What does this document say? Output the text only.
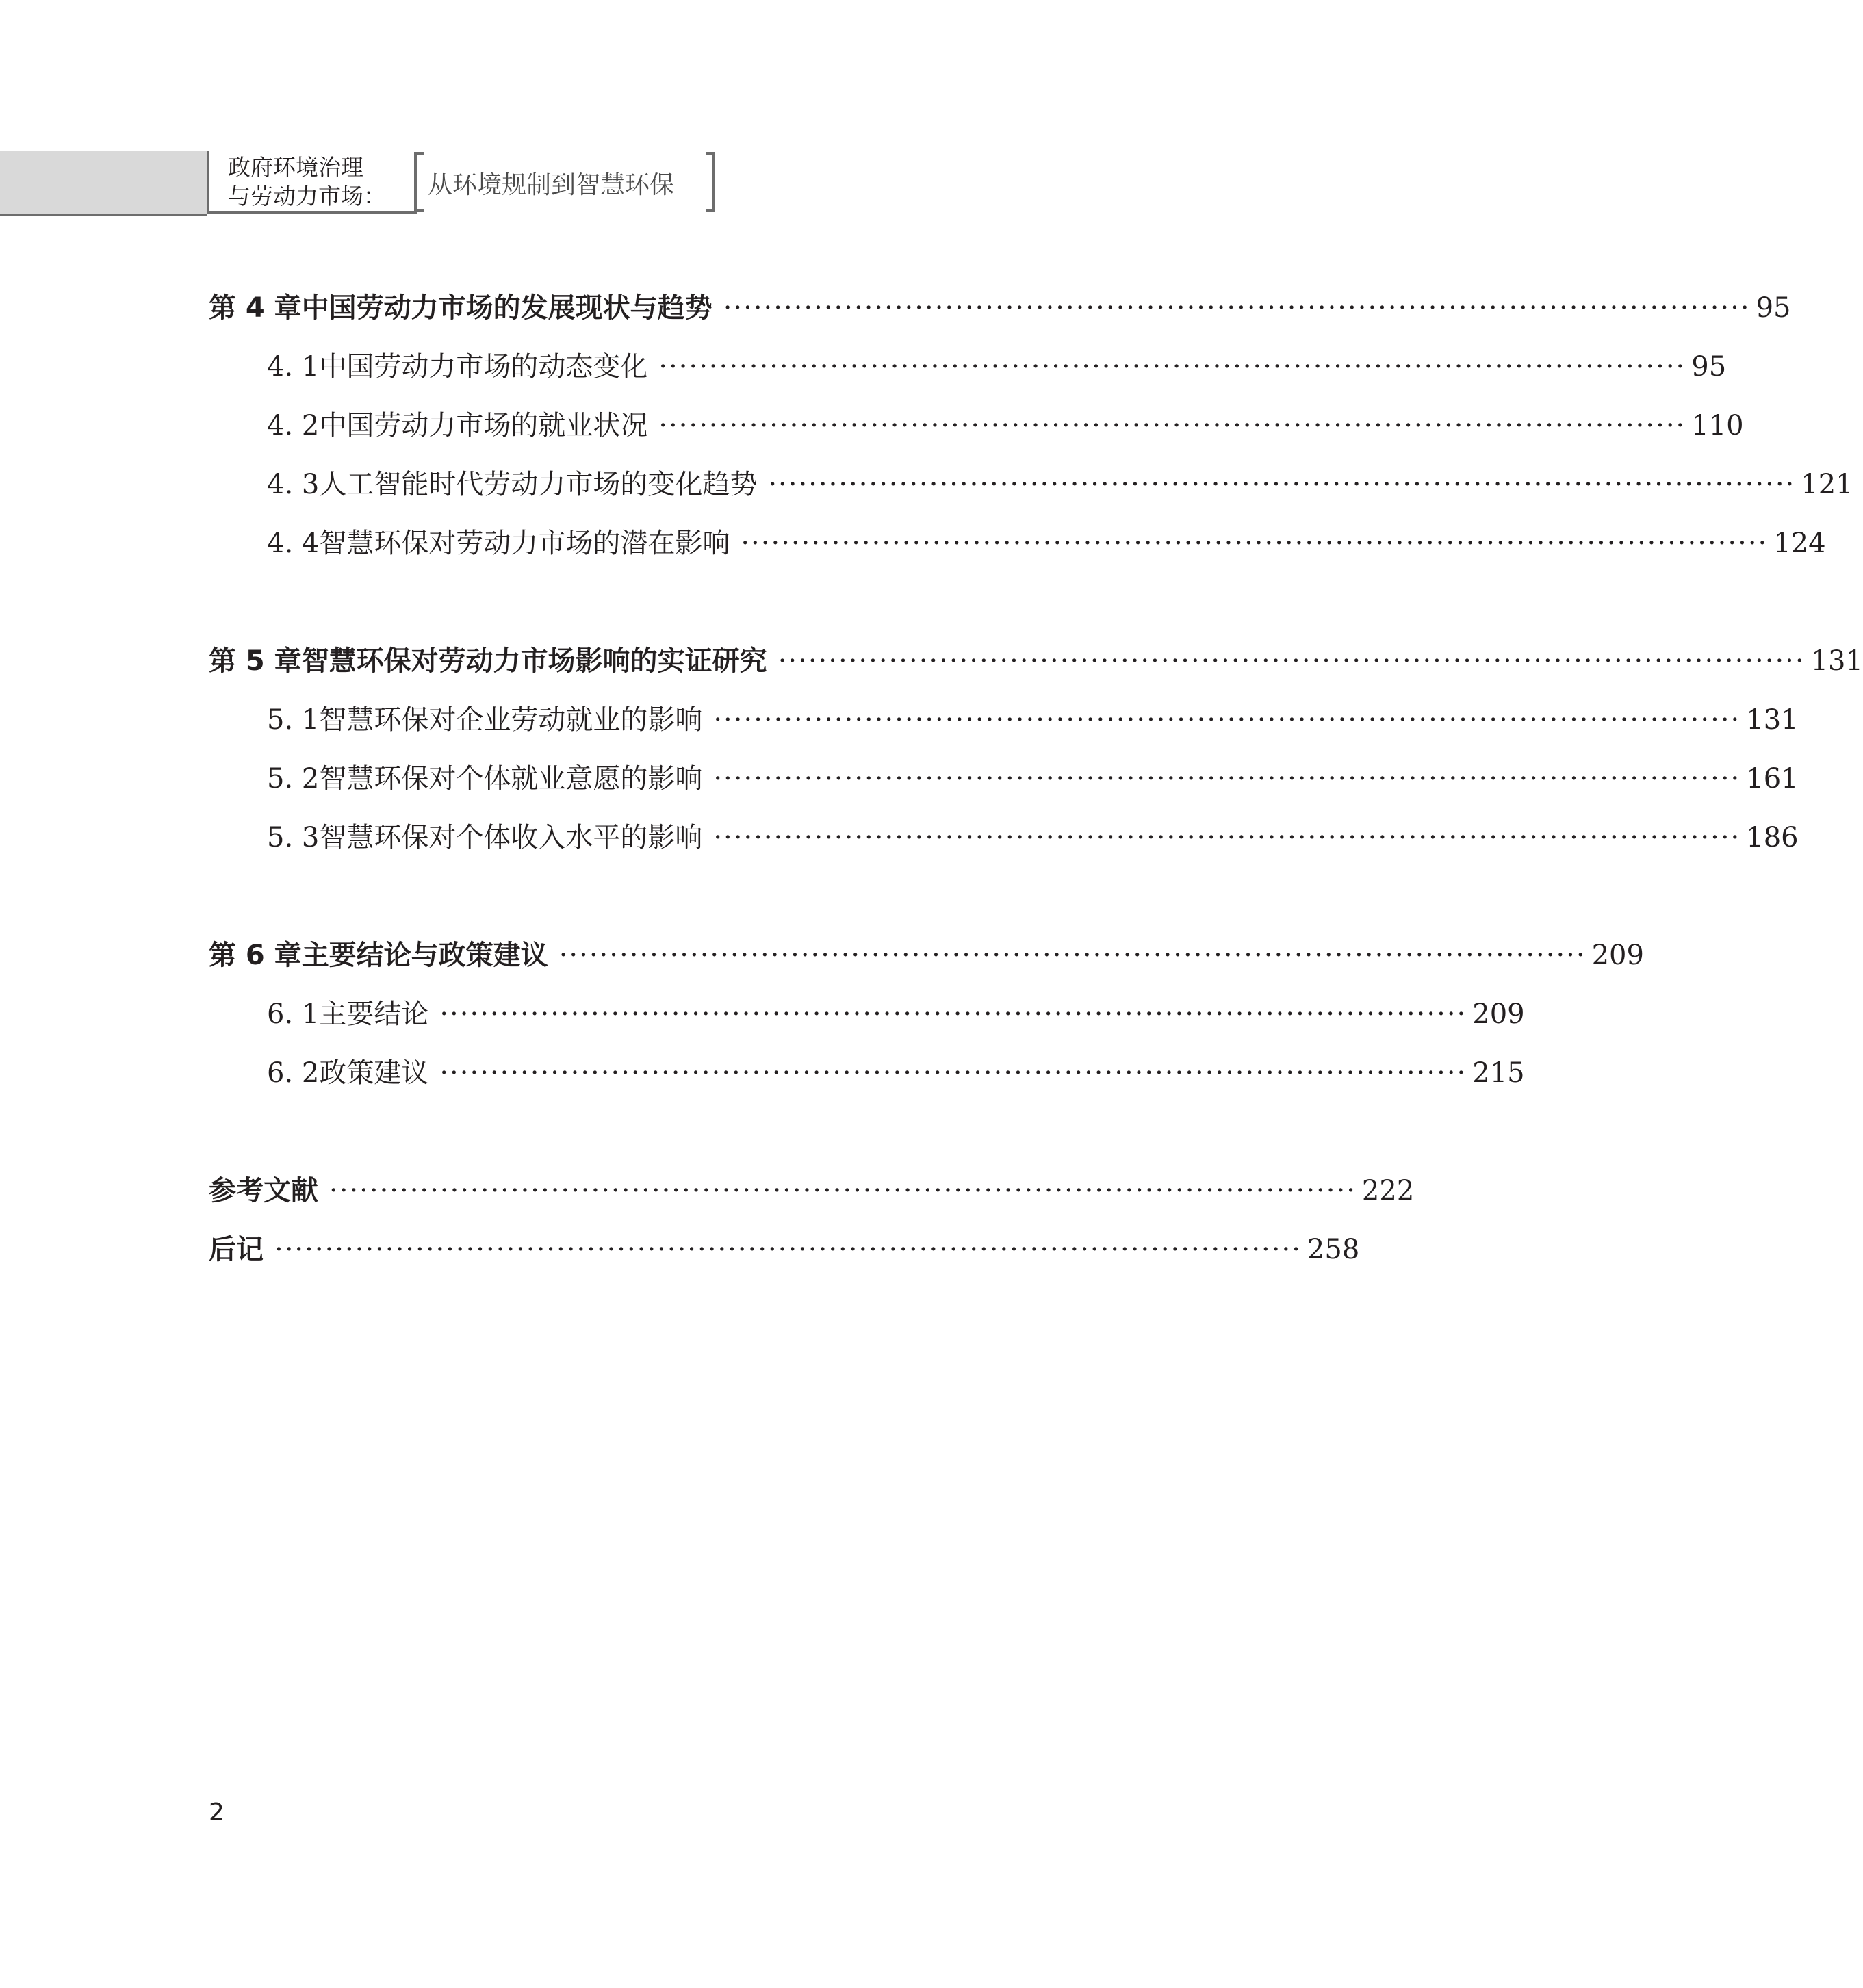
政府环境治理
与劳动力市场：	从环境规制到智慧环保
第 4 章 中国劳动力市场的发展现状与趋势 ······································································································ 95
4. 1 中国劳动力市场的动态变化 ······································································································ 95
4. 2 中国劳动力市场的就业状况 ······································································································ 110
4. 3 人工智能时代劳动力市场的变化趋势 ······································································································ 121
4. 4 智慧环保对劳动力市场的潜在影响 ······································································································ 124
第 5 章 智慧环保对劳动力市场影响的实证研究 ······································································································ 131
5. 1 智慧环保对企业劳动就业的影响 ······································································································ 131
5. 2 智慧环保对个体就业意愿的影响 ······································································································ 161
5. 3 智慧环保对个体收入水平的影响 ······································································································ 186
第 6 章 主要结论与政策建议 ······································································································ 209
6. 1 主要结论 ······································································································ 209
6. 2 政策建议 ······································································································ 215
参考文献 ······································································································ 222
后记 ······································································································ 258
2
